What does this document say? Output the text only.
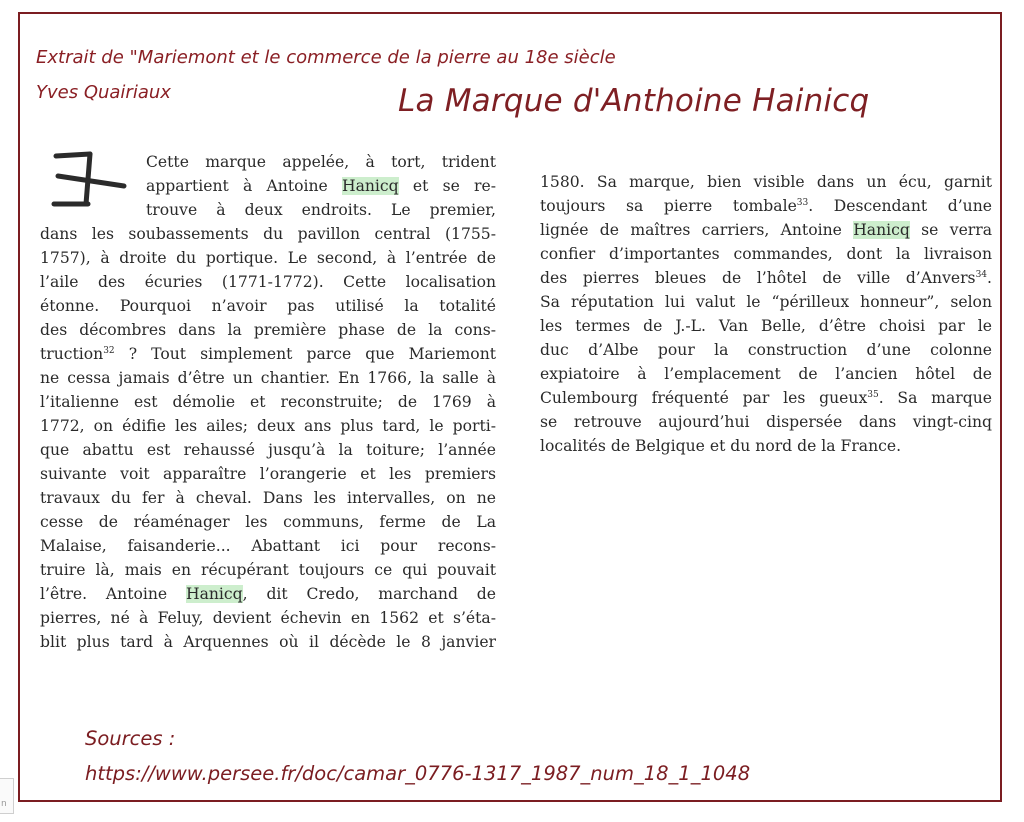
Extrait de "Mariemont et le commerce de la pierre au 18e siècle
Yves Quairiaux	La Marque d'Anthoine Hainicq
Cette marque appelée, à tort, trident
appartient à Antoine Hanicq et se re-
trouve à deux endroits. Le premier,
dans les soubassements du pavillon central (1755-
1757), à droite du portique. Le second, à l’entrée de
l’aile des écuries (1771-1772). Cette localisation
étonne. Pourquoi n’avoir pas utilisé la totalité
des décombres dans la première phase de la cons-
truction$^{32}$ ? Tout simplement parce que Mariemont
ne cessa jamais d’être un chantier. En 1766, la salle à
l’italienne est démolie et reconstruite; de 1769 à
1772, on édifie les ailes; deux ans plus tard, le porti-
que abattu est rehaussé jusqu’à la toiture; l’année
suivante voit apparaître l’orangerie et les premiers
travaux du fer à cheval. Dans les intervalles, on ne
cesse de réaménager les communs, ferme de La
Malaise, faisanderie... Abattant ici pour recons-
truire là, mais en récupérant toujours ce qui pouvait
l’être. Antoine Hanicq, dit Credo, marchand de
pierres, né à Feluy, devient échevin en 1562 et s’éta-
blit plus tard à Arquennes où il décède le 8 janvier
1580. Sa marque, bien visible dans un écu, garnit
toujours sa pierre tombale$^{33}$. Descendant d’une
lignée de maîtres carriers, Antoine Hanicq se verra
confier d’importantes commandes, dont la livraison
des pierres bleues de l’hôtel de ville d’Anvers$^{34}$.
Sa réputation lui valut le “périlleux honneur”, selon
les termes de J.-L. Van Belle, d’être choisi par le
duc d’Albe pour la construction d’une colonne
expiatoire à l’emplacement de l’ancien hôtel de
Culembourg fréquenté par les gueux$^{35}$. Sa marque
se retrouve aujourd’hui dispersée dans vingt-cinq
localités de Belgique et du nord de la France.
Sources :
https://www.persee.fr/doc/camar_0776-1317_1987_num_18_1_1048
n
